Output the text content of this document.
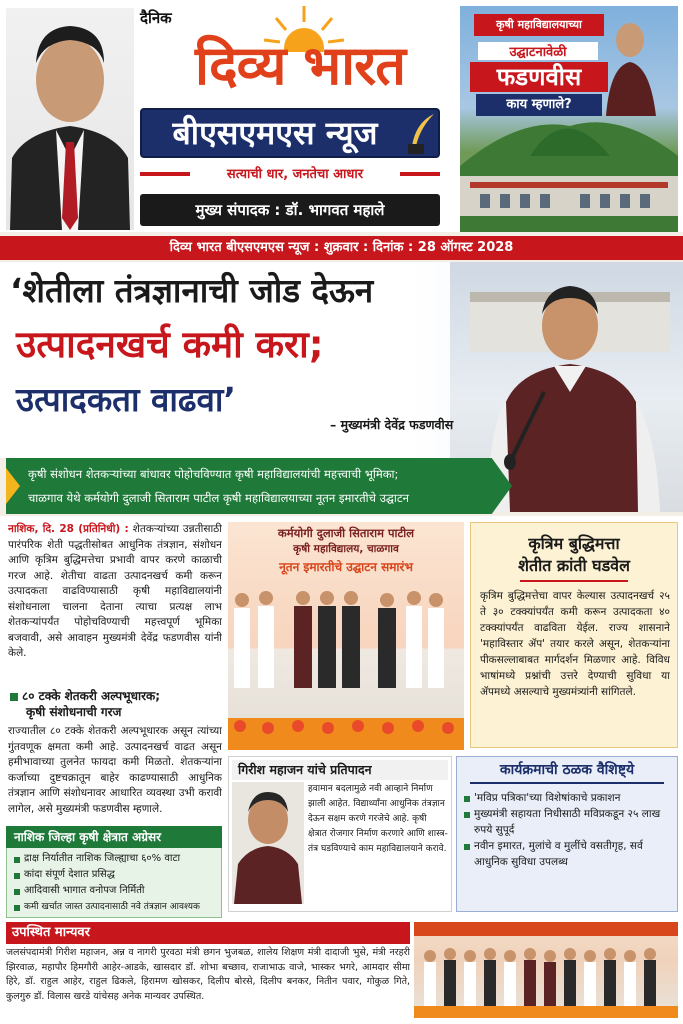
दैनिक
दिव्य भारत
बीएसएमएस न्यूज
सत्याची धार, जनतेचा आधार
मुख्य संपादक : डॉ. भागवत महाले
कृषी महाविद्यालयाच्या
उद्घाटनावेळी
फडणवीस
काय म्हणाले?
दिव्य भारत बीएसएमएस न्यूज : शुक्रवार : दिनांक : 28 ऑगस्ट 2028
‘शेतीला तंत्रज्ञानाची जोड देऊन
उत्पादनखर्च कमी करा;
उत्पादकता वाढवा’
– मुख्यमंत्री देवेंद्र फडणवीस
कृषी संशोधन शेतकऱ्यांच्या बांधावर पोहोचविण्यात कृषी महाविद्यालयांची महत्त्वाची भूमिका;
चाळगाव येथे कर्मयोगी दुलाजी सिताराम पाटील कृषी महाविद्यालयाच्या नूतन इमारतीचे उद्घाटन
नाशिक, दि. 28 (प्रतिनिधी) : शेतकऱ्यांच्या उन्नतीसाठी पारंपरिक शेती पद्धतीसोबत आधुनिक तंत्रज्ञान, संशोधन आणि कृत्रिम बुद्धिमत्तेचा प्रभावी वापर करणे काळाची गरज आहे. शेतीचा वाढता उत्पादनखर्च कमी करून उत्पादकता वाढविण्यासाठी कृषी महाविद्यालयांनी संशोधनाला चालना देताना त्याचा प्रत्यक्ष लाभ शेतकऱ्यांपर्यंत पोहोचविण्याची महत्त्वपूर्ण भूमिका बजवावी, असे आवाहन मुख्यमंत्री देवेंद्र फडणवीस यांनी केले.
८० टक्के शेतकरी अल्पभूधारक;
कृषी संशोधनाची गरज
राज्यातील ८० टक्के शेतकरी अल्पभूधारक असून त्यांच्या गुंतवणूक क्षमता कमी आहे. उत्पादनखर्च वाढत असून हमीभावाच्या तुलनेत फायदा कमी मिळतो. शेतकऱ्यांना कर्जाच्या दुष्टचक्रातून बाहेर काढण्यासाठी आधुनिक तंत्रज्ञान आणि संशोधनावर आधारित व्यवस्था उभी करावी लागेल, असे मुख्यमंत्री फडणवीस म्हणाले.
नाशिक जिल्हा कृषी क्षेत्रात अग्रेसर
द्राक्ष निर्यातीत नाशिक जिल्ह्याचा ६०% वाटा
कांदा संपूर्ण देशात प्रसिद्ध
आदिवासी भागात वनोपज निर्मिती
कमी खर्चात जास्त उत्पादनासाठी नवे तंत्रज्ञान आवश्यक
कर्मयोगी दुलाजी सिताराम पाटील
कृषी महाविद्यालय, चाळगाव
नूतन इमारतीचे उद्घाटन समारंभ
कृत्रिम बुद्धिमत्ता
शेतीत क्रांती घडवेल
कृत्रिम बुद्धिमत्तेचा वापर केल्यास उत्पादनखर्च २५ ते ३० टक्क्यांपर्यंत कमी करून उत्पादकता ४० टक्क्यांपर्यंत वाढविता येईल. राज्य शासनाने 'महाविस्तार ॲप' तयार करले असून, शेतकऱ्यांना पीकसल्लाबाबत मार्गदर्शन मिळणार आहे. विविध भाषांमध्ये प्रश्नांची उत्तरे देण्याची सुविधा या ॲपमध्ये असल्याचे मुख्यमंत्र्यांनी सांगितले.
गिरीश महाजन यांचे प्रतिपादन
हवामान बदलामुळे नवी आव्हाने निर्माण झाली आहेत. विद्यार्थ्यांना आधुनिक तंत्रज्ञान देऊन सक्षम करणे गरजेचे आहे. कृषी क्षेत्रात रोजगार निर्माण करणारे आणि शास्त्र-तंत्र घडविण्याचे काम महाविद्यालयाने करावे.
कार्यक्रमाची ठळक वैशिष्ट्ये
'मविप्र पत्रिका'च्या विशेषांकाचे प्रकाशन
मुख्यमंत्री सहायता निधीसाठी मविप्रकडून २५ लाख रुपये सुपूर्द
नवीन इमारत, मुलांचे व मुलींचे वसतीगृह, सर्व आधुनिक सुविधा उपलब्ध
उपस्थित मान्यवर
जलसंपदामंत्री गिरीश महाजन, अन्न व नागरी पुरवठा मंत्री छगन भुजबळ, शालेय शिक्षण मंत्री दादाजी भुसे, मंत्री नरहरी झिरवाळ, महापौर हिमगौरी आहेर-आडके, खासदार डॉ. शोभा बच्छाव, राजाभाऊ वाजे, भास्कर भगरे, आमदार सीमा हिरे, डॉ. राहुल आहेर, राहुल ढिकले, हिरामण खोसकर, दिलीप बोरसे, दिलीप बनकर, नितीन पवार, गोकुळ गिते, कुलगुरु डॉ. विलास खरडे यांचेसह अनेक मान्यवर उपस्थित.
